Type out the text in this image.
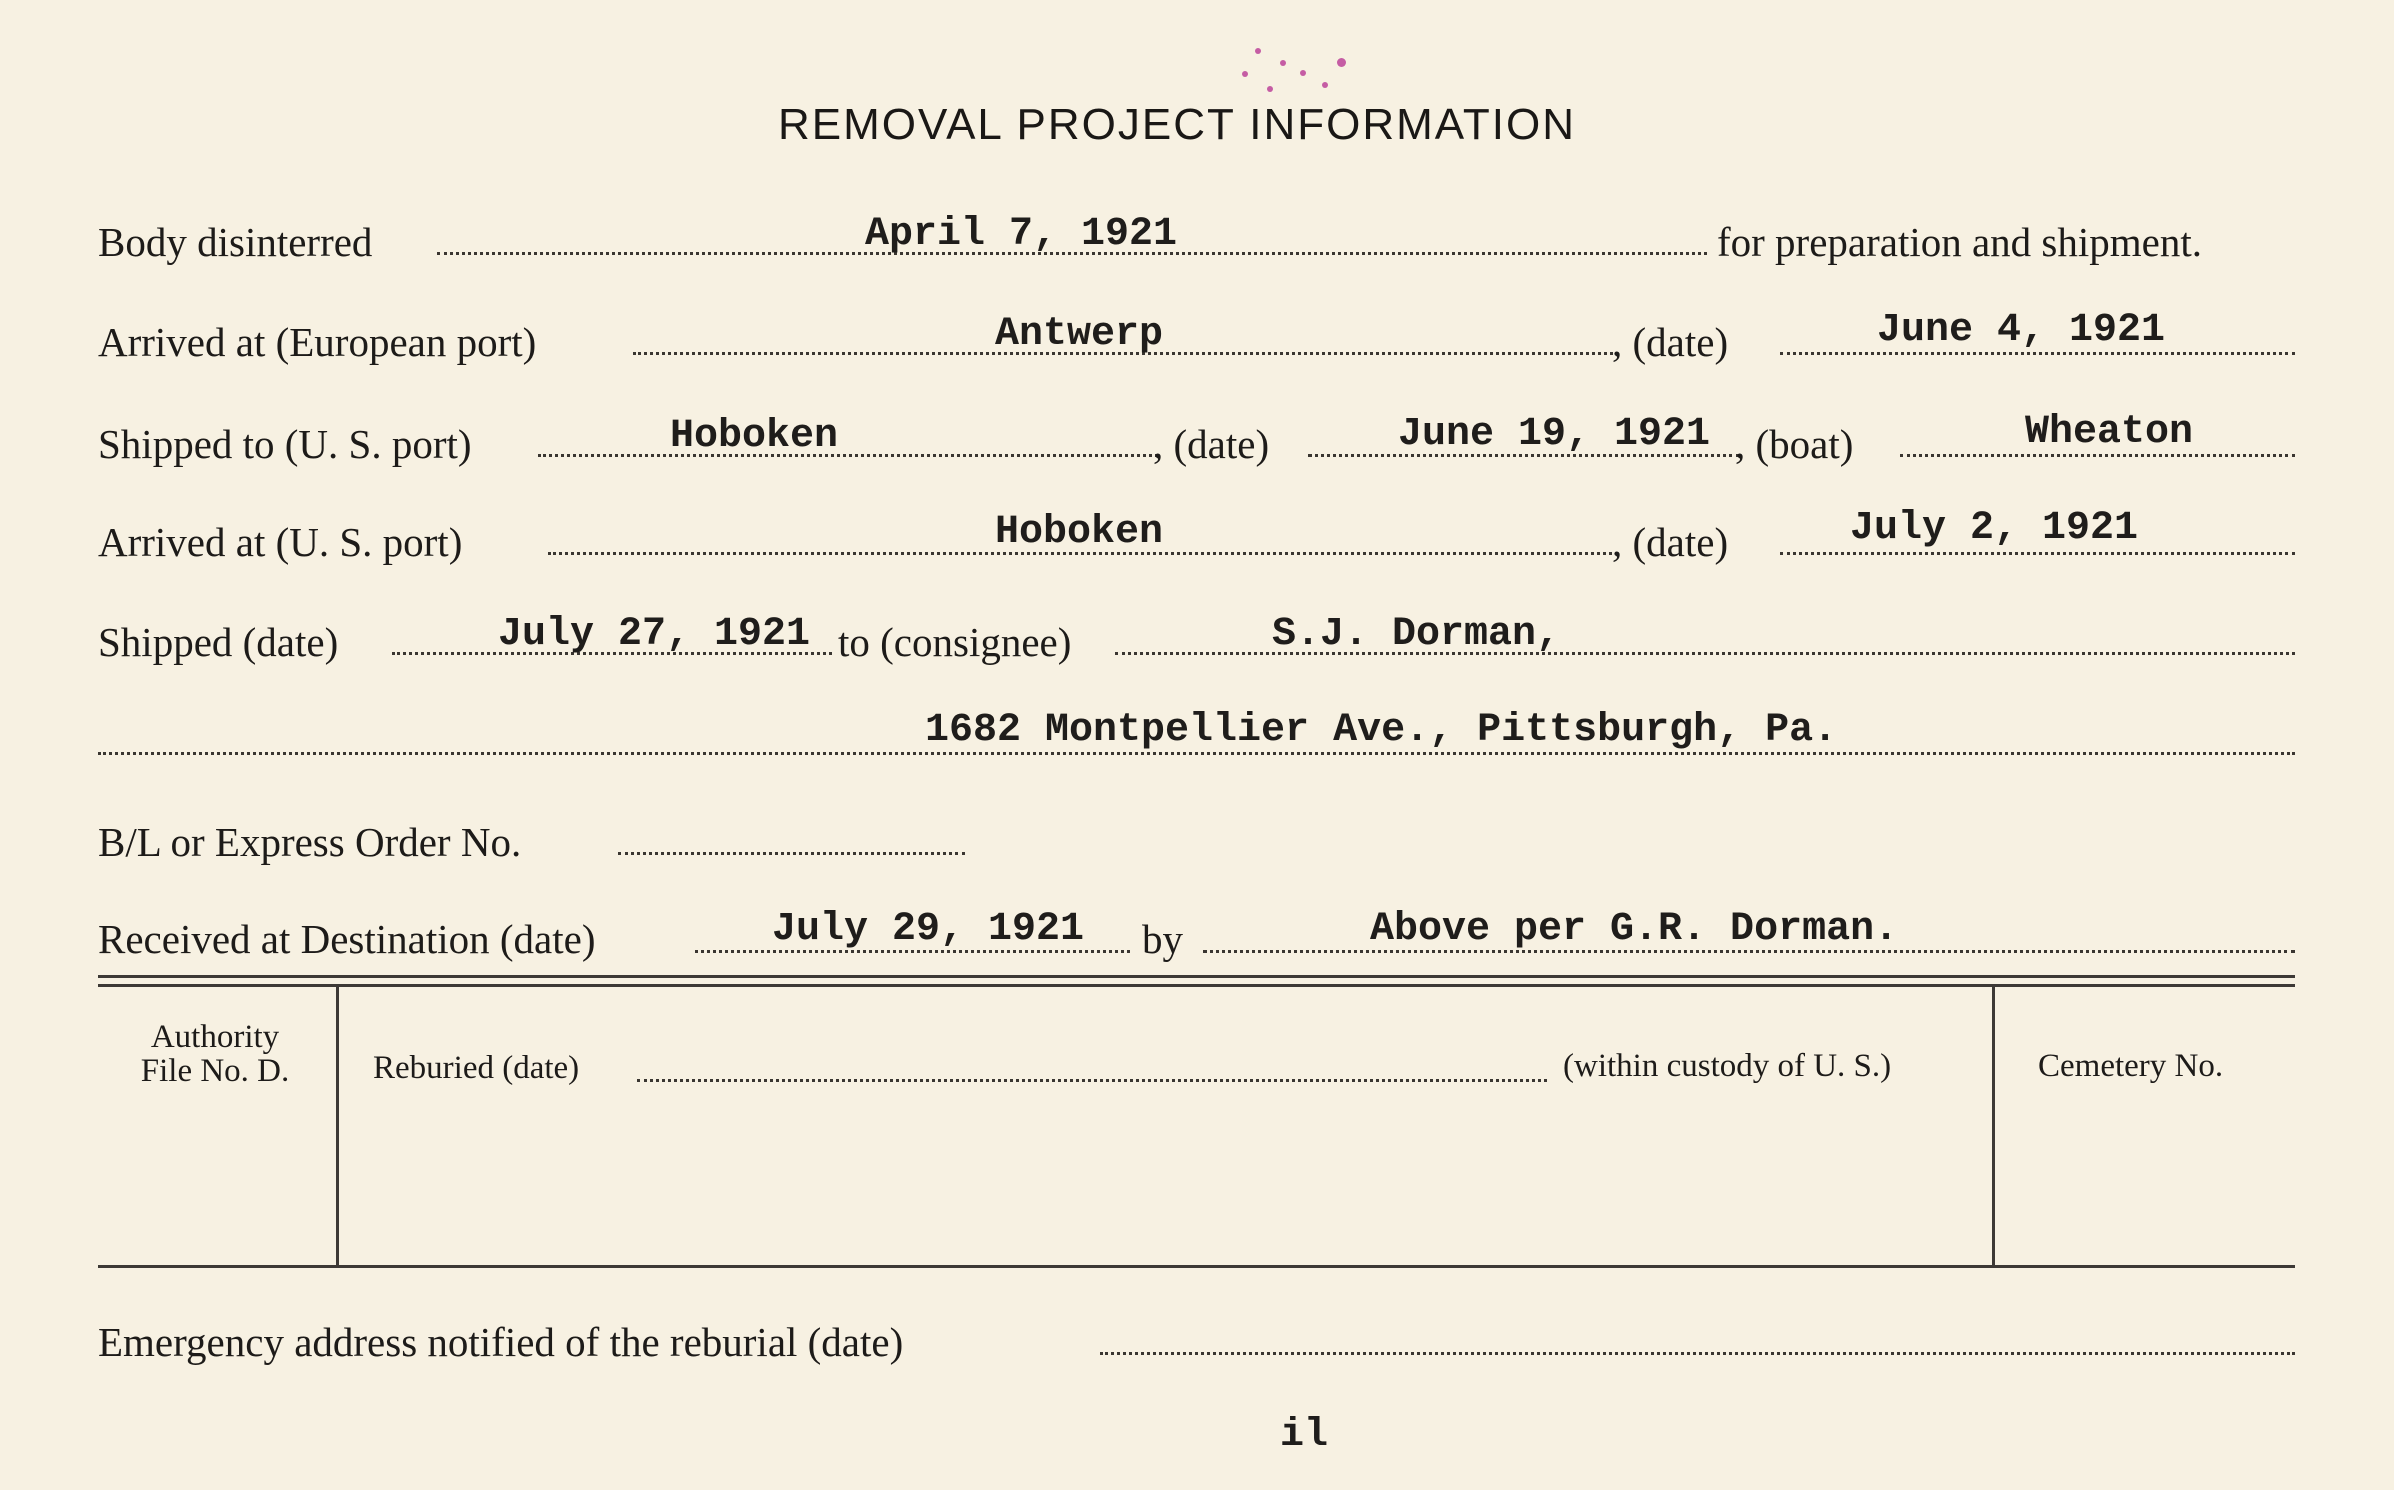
REMOVAL PROJECT INFORMATION
Body disinterred	April 7, 1921	for preparation and shipment.
Arrived at (European port)	Antwerp	, (date)	June 4, 1921
Shipped to (U. S. port)	Hoboken	, (date)	June 19, 1921 , (boat)	Wheaton
Arrived at (U. S. port)	Hoboken	, (date)	July 2, 1921
Shipped (date)	July 27, 1921 to (consignee)	S.J. Dorman,
1682 Montpellier Ave., Pittsburgh, Pa.
B/L or Express Order No.
Received at Destination (date)	July 29, 1921 by	Above per G.R. Dorman.
Authority
File No. D.	Reburied (date)	(within custody of U. S.)	Cemetery No.
Emergency address notified of the reburial (date)
il
